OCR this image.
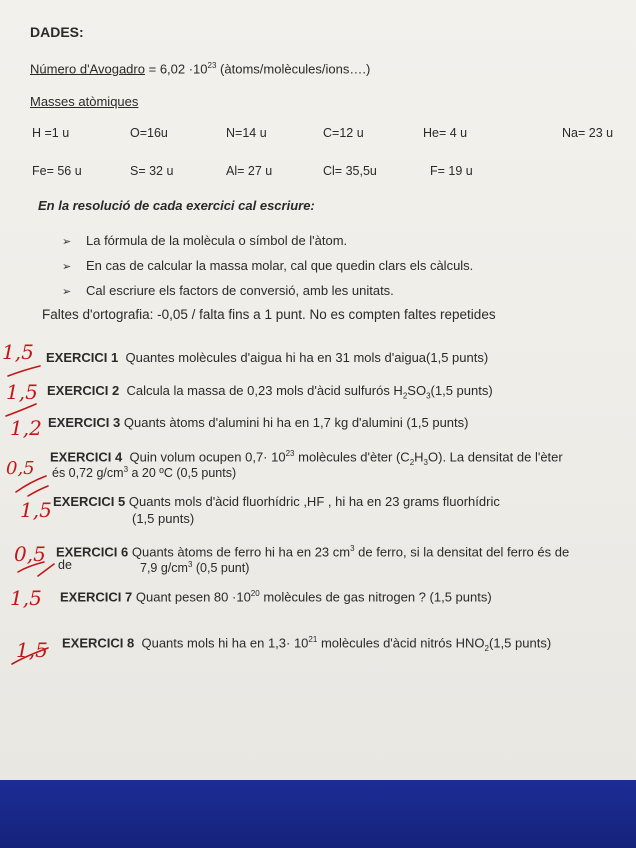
DADES:
Número d'Avogadro = $6,02 \cdot 10^{23}$ (àtoms/molècules/ions….)
Masses atòmiques
H =1 u	O=16u	N=14 u	C=12 u	He= 4 u	Na= 23 u
Fe= 56 u	S= 32 u	Al= 27 u	Cl= 35,5u	F= 19 u
En la resolució de cada exercici cal escriure:
➢ La fórmula de la molècula o símbol de l'àtom.
➢ En cas de calcular la massa molar, cal que quedin clars els càlculs.
➢ Cal escriure els factors de conversió, amb les unitats.
Faltes d'ortografia: -0,05 / falta fins a 1 punt. No es compten faltes repetides
EXERCICI 1 Quantes molècules d'aigua hi ha en 31 mols d'aigua(1,5 punts)
EXERCICI 2 Calcula la massa de 0,23 mols d'àcid sulfurós $H_2SO_3(1,5$ punts)
EXERCICI 3 Quants àtoms d'alumini hi ha en 1,7 kg d'alumini (1,5 punts)
EXERCICI 4 Quin volum ocupen $0,7\cdot 10^{23}$ molècules d'èter $(C_2H_3O)$. La densitat de l'èter
és 0,72 $g/cm^3$ a 20 ºC (0,5 punts)
EXERCICI 5 Quants mols d'àcid fluorhídric ,HF , hi ha en 23 grams fluorhídric
(1,5 punts)
EXERCICI 6 Quants àtoms de ferro hi ha en 23 $cm^3$ de ferro, si la densitat del ferro és de
de	7,9 $g/cm^3$ (0,5 punt)
EXERCICI 7 Quant pesen $80 \cdot 10^{20}$ molècules de gas nitrogen ? (1,5 punts)
EXERCICI 8 Quants mols hi ha en $1,3\cdot 10^{21}$ molècules d'àcid nitrós $HNO_2(1,5$ punts)
1,5
1,5
1,2
0,5
1,5
0,5
1,5
1,5
